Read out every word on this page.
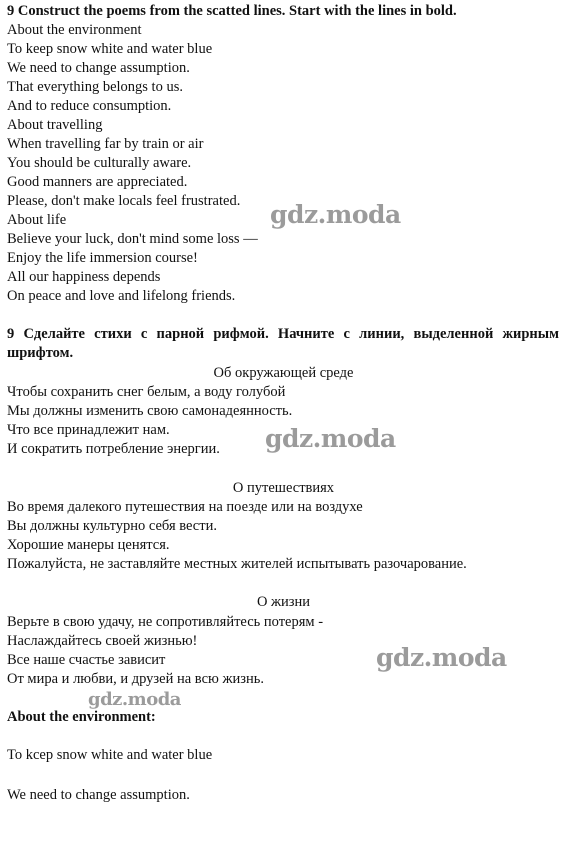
9 Construct the poems from the scatted lines. Start with the lines in bold.
About the environment
To keep snow white and water blue
We need to change assumption.
That everything belongs to us.
And to reduce consumption.
About travelling
When travelling far by train or air
You should be culturally aware.
Good manners are appreciated.
Please, don't make locals feel frustrated.
About life
Believe your luck, don't mind some loss —
Enjoy the life immersion course!
All our happiness depends
On peace and love and lifelong friends.
9 Сделайте стихи с парной рифмой. Начните с линии, выделенной жирным шрифтом.
Об окружающей среде
Чтобы сохранить снег белым, а воду голубой
Мы должны изменить свою самонадеянность.
Что все принадлежит нам.
И сократить потребление энергии.
О путешествиях
Во время далекого путешествия на поезде или на воздухе
Вы должны культурно себя вести.
Хорошие манеры ценятся.
Пожалуйста, не заставляйте местных жителей испытывать разочарование.
О жизни
Верьте в свою удачу, не сопротивляйтесь потерям -
Наслаждайтесь своей жизнью!
Все наше счастье зависит
От мира и любви, и друзей на всю жизнь.
About the environment:
To kcep snow white and water blue
We need to change assumption.
gdz.moda
gdz.moda
gdz.moda
gdz.moda
